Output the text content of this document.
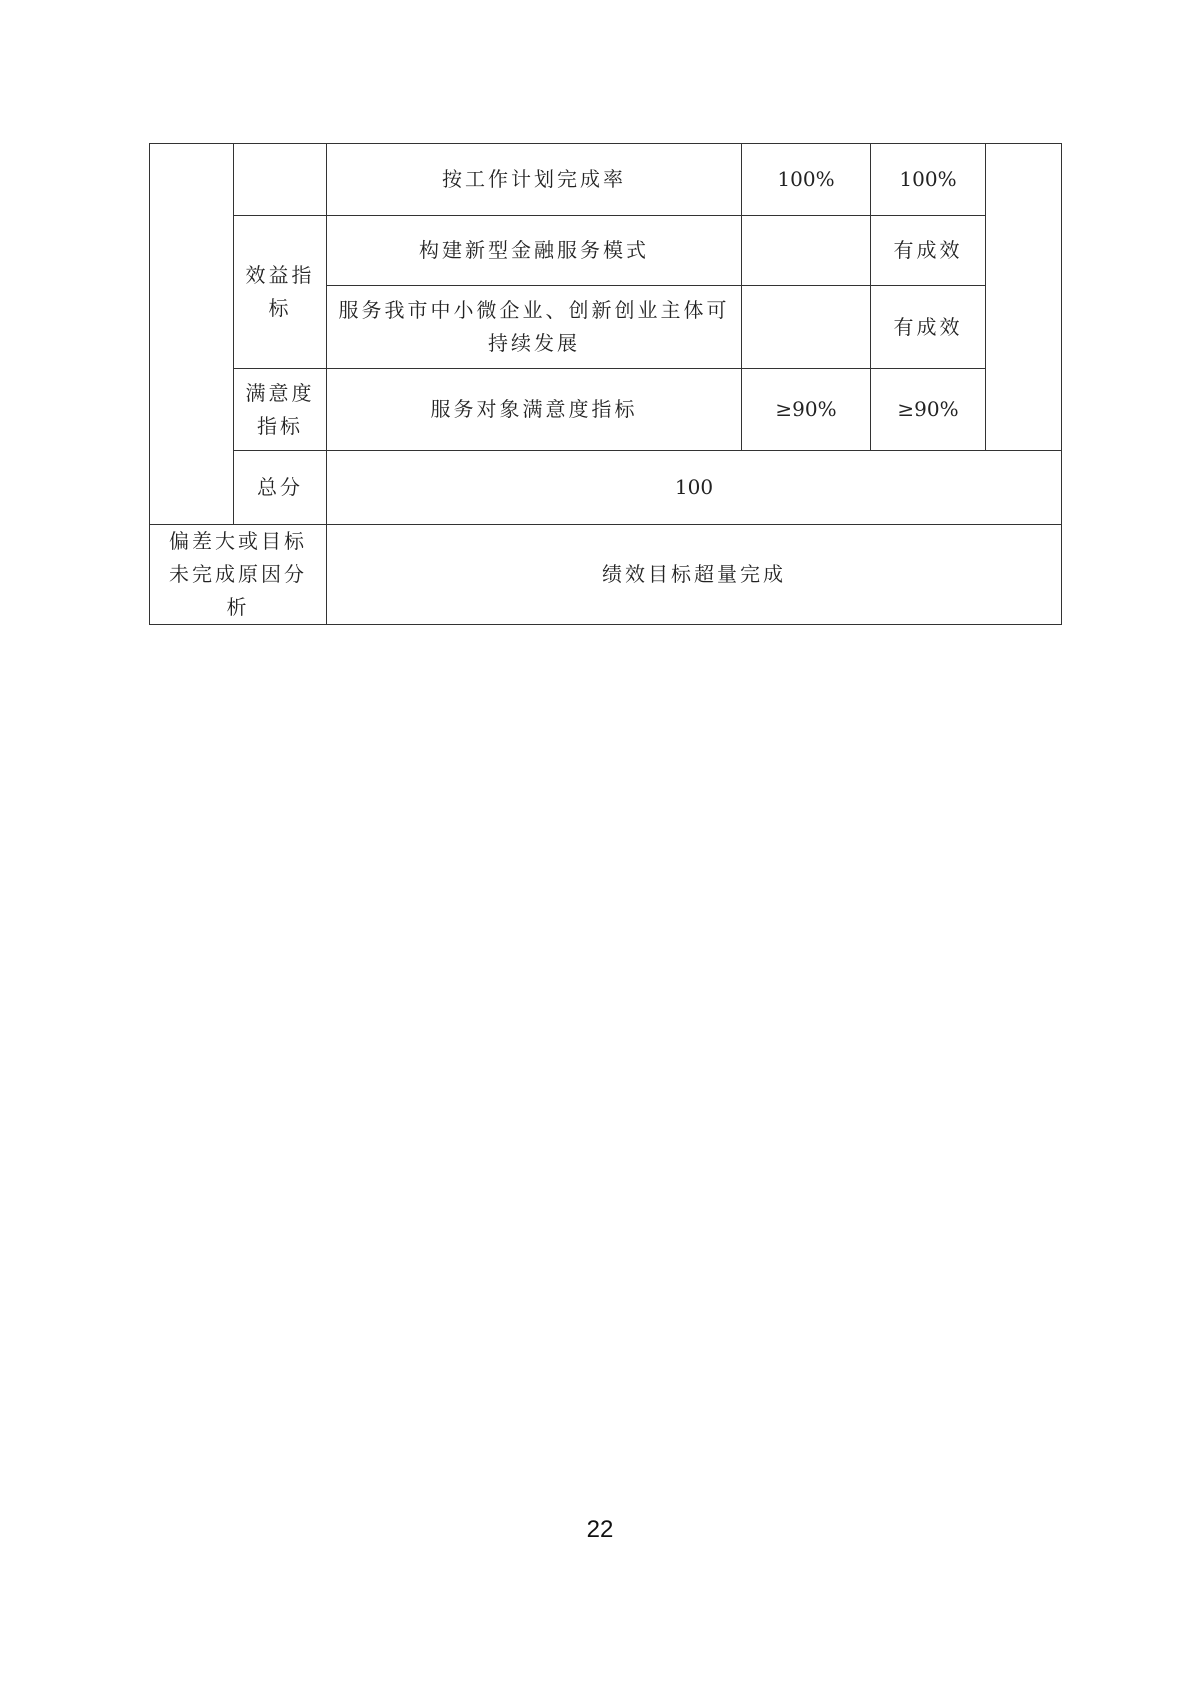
		按工作计划完成率	100%	100%	
	效益指标	构建新型金融服务模式		有成效	
		服务我市中小微企业、创新创业主体可持续发展		有成效	
	满意度指标	服务对象满意度指标	≥90%	≥90%	
	总分	100			
偏差大或目标未完成原因分析		绩效目标超量完成			
22
